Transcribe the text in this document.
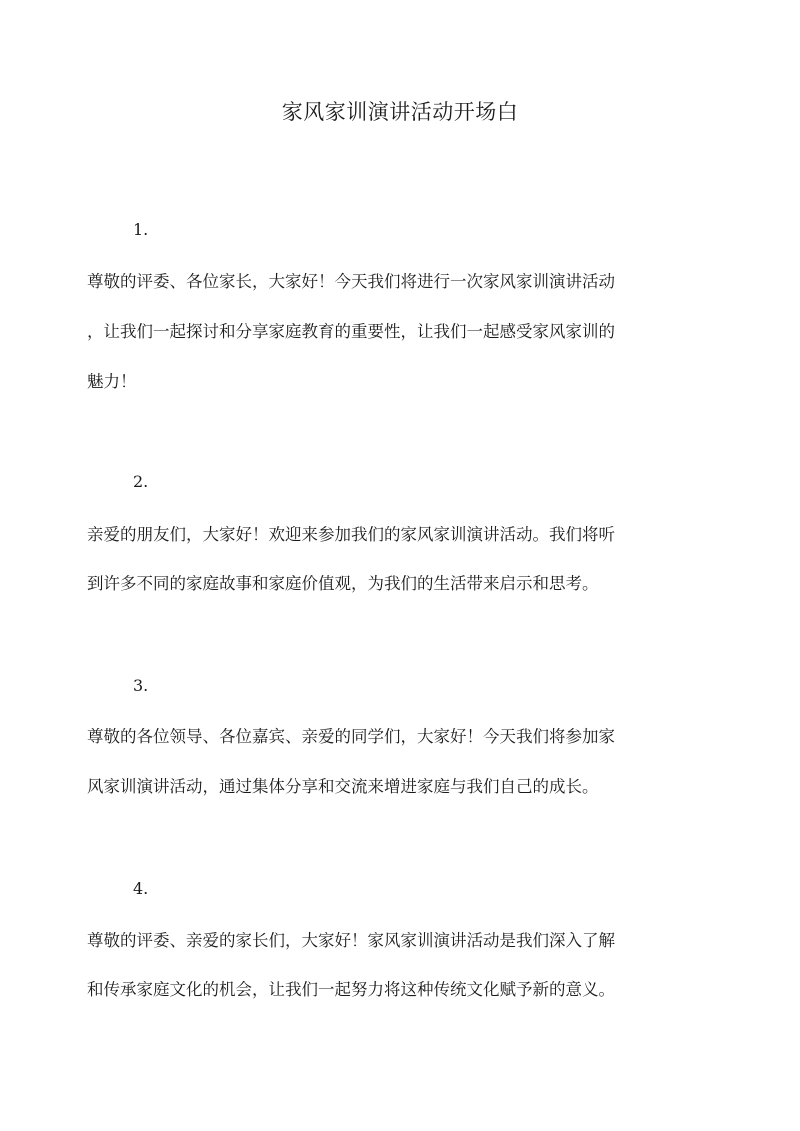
家风家训演讲活动开场白
1.
尊敬的评委、各位家长，大家好！今天我们将进行一次家风家训演讲活动
，让我们一起探讨和分享家庭教育的重要性，让我们一起感受家风家训的
魅力！
2.
亲爱的朋友们，大家好！欢迎来参加我们的家风家训演讲活动。我们将听
到许多不同的家庭故事和家庭价值观，为我们的生活带来启示和思考。
3.
尊敬的各位领导、各位嘉宾、亲爱的同学们，大家好！今天我们将参加家
风家训演讲活动，通过集体分享和交流来增进家庭与我们自己的成长。
4.
尊敬的评委、亲爱的家长们，大家好！家风家训演讲活动是我们深入了解
和传承家庭文化的机会，让我们一起努力将这种传统文化赋予新的意义。
